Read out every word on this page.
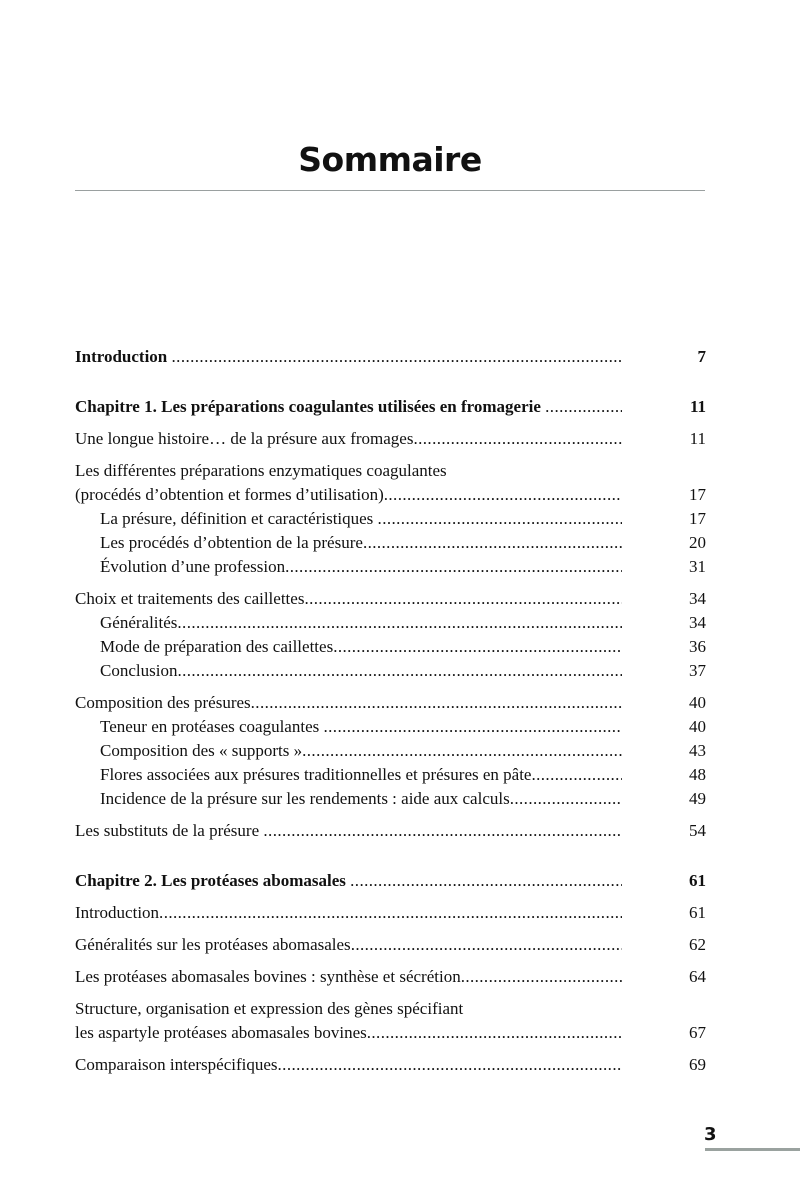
Sommaire
Introduction .....	7
Chapitre 1. Les préparations coagulantes utilisées en fromagerie .....	11
Une longue histoire… de la présure aux fromages .....	11
Les différentes préparations enzymatiques coagulantes
(procédés d’obtention et formes d’utilisation) .....	17
La présure, définition et caractéristiques .....	17
Les procédés d’obtention de la présure .....	20
Évolution d’une profession .....	31
Choix et traitements des caillettes .....	34
Généralités .....	34
Mode de préparation des caillettes .....	36
Conclusion .....	37
Composition des présures .....	40
Teneur en protéases coagulantes .....	40
Composition des « supports » .....	43
Flores associées aux présures traditionnelles et présures en pâte .....	48
Incidence de la présure sur les rendements : aide aux calculs .....	49
Les substituts de la présure .....	54
Chapitre 2. Les protéases abomasales .....	61
Introduction .....	61
Généralités sur les protéases abomasales .....	62
Les protéases abomasales bovines : synthèse et sécrétion .....	64
Structure, organisation et expression des gènes spécifiant
les aspartyle protéases abomasales bovines .....	67
Comparaison interspécifiques .....	69
3
